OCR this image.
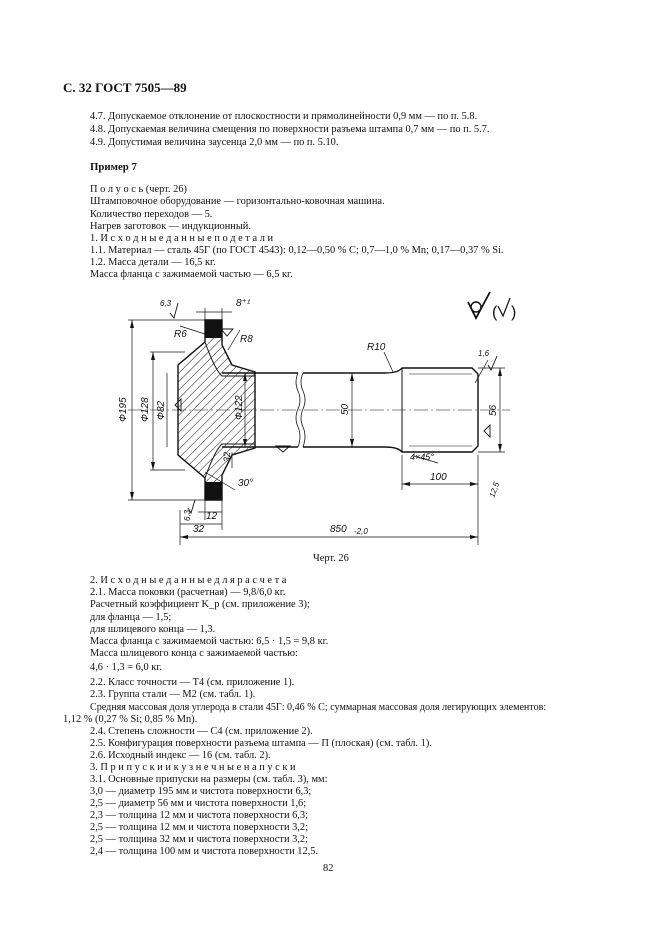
С. 32 ГОСТ 7505—89
4.7. Допускаемое отклонение от плоскостности и прямолинейности 0,9 мм — по п. 5.8.
4.8. Допускаемая величина смещения по поверхности разъема штампа 0,7 мм — по п. 5.7.
4.9. Допустимая величина заусенца 2,0 мм — по п. 5.10.
Пример 7
П о л у о с ь (черт. 26)
Штамповочное оборудование — горизонтально-ковочная машина.
Количество переходов — 5.
Нагрев заготовок — индукционный.
1. И с х о д н ы е д а н н ы е п о д е т а л и
1.1. Материал — сталь 45Г (по ГОСТ 4543): 0,12—0,50 % С; 0,7—1,0 % Mn; 0,17—0,37 % Si.
1.2. Масса детали — 16,5 кг.
Масса фланца с зажимаемой частью — 6,5 кг.
( )
Ф195 Ф128 Ф82	Ф122	50	56
32
R6	R8
R10
8⁺¹
30°
12
32
100
4×45°
850 -2,0
6,3
6,3
1,6
12,5
Черт. 26
2. И с х о д н ы е д а н н ы е д л я р а с ч е т а
2.1. Масса поковки (расчетная) — 9,8/6,0 кг.
Расчетный коэффициент K_р (см. приложение 3);
для фланца — 1,5;
для шлицевого конца — 1,3.
Масса фланца с зажимаемой частью: 6,5 · 1,5 = 9,8 кг.
Масса шлицевого конца с зажимаемой частью:
4,6 · 1,3 = 6,0 кг.
2.2. Класс точности — Т4 (см. приложение 1).
2.3. Группа стали — М2 (см. табл. 1).
Средняя массовая доля углерода в стали 45Г: 0,46 % С; суммарная массовая доля легирующих элементов:
1,12 % (0,27 % Si; 0,85 % Mn).
2.4. Степень сложности — С4 (см. приложение 2).
2.5. Конфигурация поверхности разъема штампа — П (плоская) (см. табл. 1).
2.6. Исходный индекс — 16 (см. табл. 2).
3. П р и п у с к и и к у з н е ч н ы е н а п у с к и
3.1. Основные припуски на размеры (см. табл. 3), мм:
3,0 — диаметр 195 мм и чистота поверхности 6,3;
2,5 — диаметр 56 мм и чистота поверхности 1,6;
2,3 — толщина 12 мм и чистота поверхности 6,3;
2,5 — толщина 12 мм и чистота поверхности 3,2;
2,5 — толщина 32 мм и чистота поверхности 3,2;
2,4 — толщина 100 мм и чистота поверхности 12,5.
82
